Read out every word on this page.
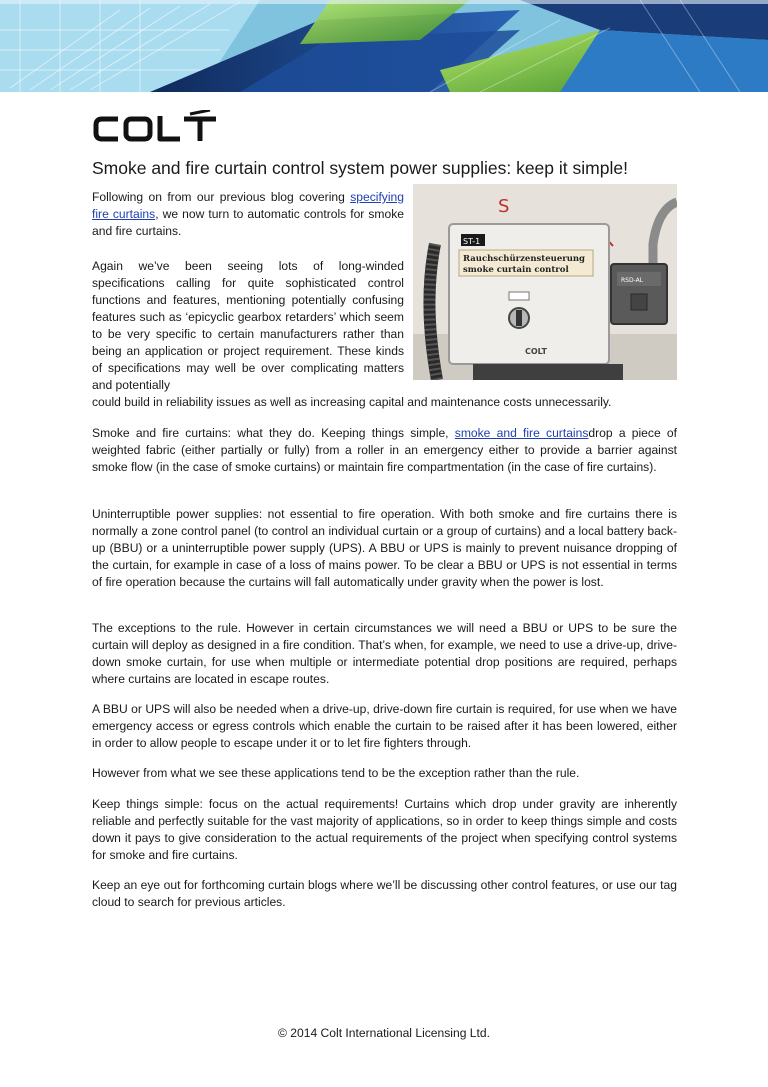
COLT
Smoke and fire curtain control system power supplies: keep it simple!
S
ST-1
Rauchschürzensteuerung
smoke curtain control
COLT
RSD-AL

Following on from our previous blog covering specifying fire curtains, we now turn to automatic controls for smoke and fire curtains.

Again we’ve been seeing lots of long-winded specifications calling for quite sophisticated control functions and features, mentioning potentially confusing features such as ‘epicyclic gearbox retarders’ which seem to be very specific to certain manufacturers rather than being an application or project requirement. These kinds of specifications may well be over complicating matters and potentially

could build in reliability issues as well as increasing capital and maintenance costs unnecessarily.

Smoke and fire curtains: what they do. Keeping things simple, smoke and fire curtainsdrop a piece of weighted fabric (either partially or fully) from a roller in an emergency either to provide a barrier against smoke flow (in the case of smoke curtains) or maintain fire compartmentation (in the case of fire curtains).

Uninterruptible power supplies: not essential to fire operation. With both smoke and fire curtains there is normally a zone control panel (to control an individual curtain or a group of curtains) and a local battery back-up (BBU) or a uninterruptible power supply (UPS). A BBU or UPS is mainly to prevent nuisance dropping of the curtain, for example in case of a loss of mains power. To be clear a BBU or UPS is not essential in terms of fire operation because the curtains will fall automatically under gravity when the power is lost.

The exceptions to the rule. However in certain circumstances we will need a BBU or UPS to be sure the curtain will deploy as designed in a fire condition. That’s when, for example, we need to use a drive-up, drive-down smoke curtain, for use when multiple or intermediate potential drop positions are required, perhaps where curtains are located in escape routes.

A BBU or UPS will also be needed when a drive-up, drive-down fire curtain is required, for use when we have emergency access or egress controls which enable the curtain to be raised after it has been lowered, either in order to allow people to escape under it or to let fire fighters through.

However from what we see these applications tend to be the exception rather than the rule.

Keep things simple: focus on the actual requirements! Curtains which drop under gravity are inherently reliable and perfectly suitable for the vast majority of applications, so in order to keep things simple and costs down it pays to give consideration to the actual requirements of the project when specifying control systems for smoke and fire curtains.

Keep an eye out for forthcoming curtain blogs where we’ll be discussing other control features, or use our tag cloud to search for previous articles.

© 2014 Colt International Licensing Ltd.
